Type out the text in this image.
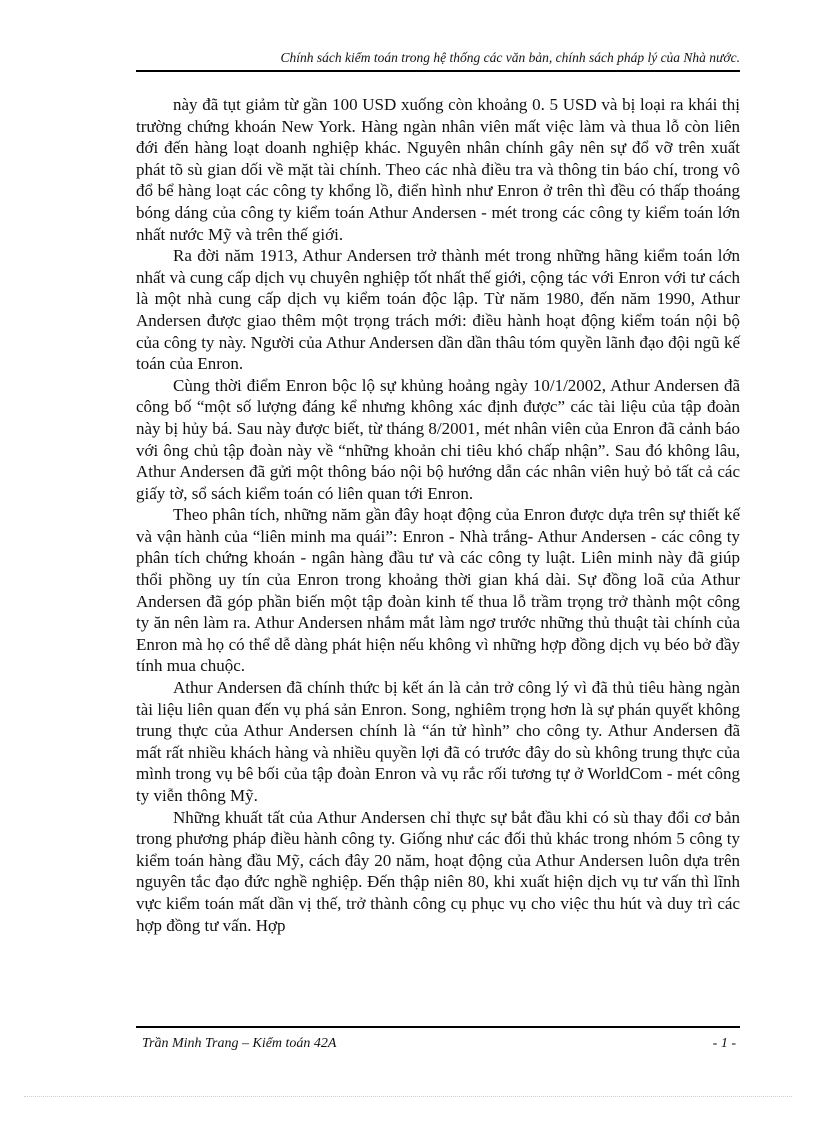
Chính sách kiểm toán trong hệ thống các văn bản, chính sách pháp lý của Nhà nước.

này đã tụt giảm từ gần 100 USD xuống còn khoảng 0. 5 USD và bị loại ra khái thị trường chứng khoán New York. Hàng ngàn nhân viên mất việc làm và thua lỗ còn liên đới đến hàng loạt doanh nghiệp khác. Nguyên nhân chính gây nên sự đổ vỡ trên xuất phát tõ sù gian dối về mặt tài chính. Theo các nhà điều tra và thông tin báo chí, trong vô đổ bể hàng loạt các công ty khổng lồ, điển hình như Enron ở trên thì đều có thấp thoáng bóng dáng của công ty kiểm toán Athur Andersen - mét trong các công ty kiểm toán lớn nhất nước Mỹ và trên thế giới.

Ra đời năm 1913, Athur Andersen trở thành mét trong những hãng kiểm toán lớn nhất và cung cấp dịch vụ chuyên nghiệp tốt nhất thế giới, cộng tác với Enron với tư cách là một nhà cung cấp dịch vụ kiểm toán độc lập. Từ năm 1980, đến năm 1990, Athur Andersen được giao thêm một trọng trách mới: điều hành hoạt động kiểm toán nội bộ của công ty này. Người của Athur Andersen dần dần thâu tóm quyền lãnh đạo đội ngũ kế toán của Enron.

Cùng thời điểm Enron bộc lộ sự khủng hoảng ngày 10/1/2002, Athur Andersen đã công bố “một số lượng đáng kể nhưng không xác định được” các tài liệu của tập đoàn này bị hủy bá. Sau này được biết, từ tháng 8/2001, mét nhân viên của Enron đã cảnh báo với ông chủ tập đoàn này về “những khoản chi tiêu khó chấp nhận”. Sau đó không lâu, Athur Andersen đã gửi một thông báo nội bộ hướng dẫn các nhân viên huỷ bỏ tất cả các giấy tờ, sổ sách kiểm toán có liên quan tới Enron.

Theo phân tích, những năm gần đây hoạt động của Enron được dựa trên sự thiết kế và vận hành của “liên minh ma quái”: Enron - Nhà trắng- Athur Andersen - các công ty phân tích chứng khoán - ngân hàng đầu tư và các công ty luật. Liên minh này đã giúp thổi phồng uy tín của Enron trong khoảng thời gian khá dài. Sự đồng loã của Athur Andersen đã góp phần biến một tập đoàn kinh tế thua lỗ trầm trọng trở thành một công ty ăn nên làm ra. Athur Andersen nhắm mắt làm ngơ trước những thủ thuật tài chính của Enron mà họ có thể dễ dàng phát hiện nếu không vì những hợp đồng dịch vụ béo bở đầy tính mua chuộc.

Athur Andersen đã chính thức bị kết án là cản trở công lý vì đã thủ tiêu hàng ngàn tài liệu liên quan đến vụ phá sản Enron. Song, nghiêm trọng hơn là sự phán quyết không trung thực của Athur Andersen chính là “án tử hình” cho công ty. Athur Andersen đã mất rất nhiều khách hàng và nhiều quyền lợi đã có trước đây do sù không trung thực của mình trong vụ bê bối của tập đoàn Enron và vụ rắc rối tương tự ở WorldCom - mét công ty viễn thông Mỹ.

Những khuất tất của Athur Andersen chỉ thực sự bắt đầu khi có sù thay đổi cơ bản trong phương pháp điều hành công ty. Giống như các đối thủ khác trong nhóm 5 công ty kiểm toán hàng đầu Mỹ, cách đây 20 năm, hoạt động của Athur Andersen luôn dựa trên nguyên tắc đạo đức nghề nghiệp. Đến thập niên 80, khi xuất hiện dịch vụ tư vấn thì lĩnh vực kiểm toán mất dần vị thế, trở thành công cụ phục vụ cho việc thu hút và duy trì các hợp đồng tư vấn. Hợp

Trần Minh Trang – Kiểm toán 42A	- 1 -
